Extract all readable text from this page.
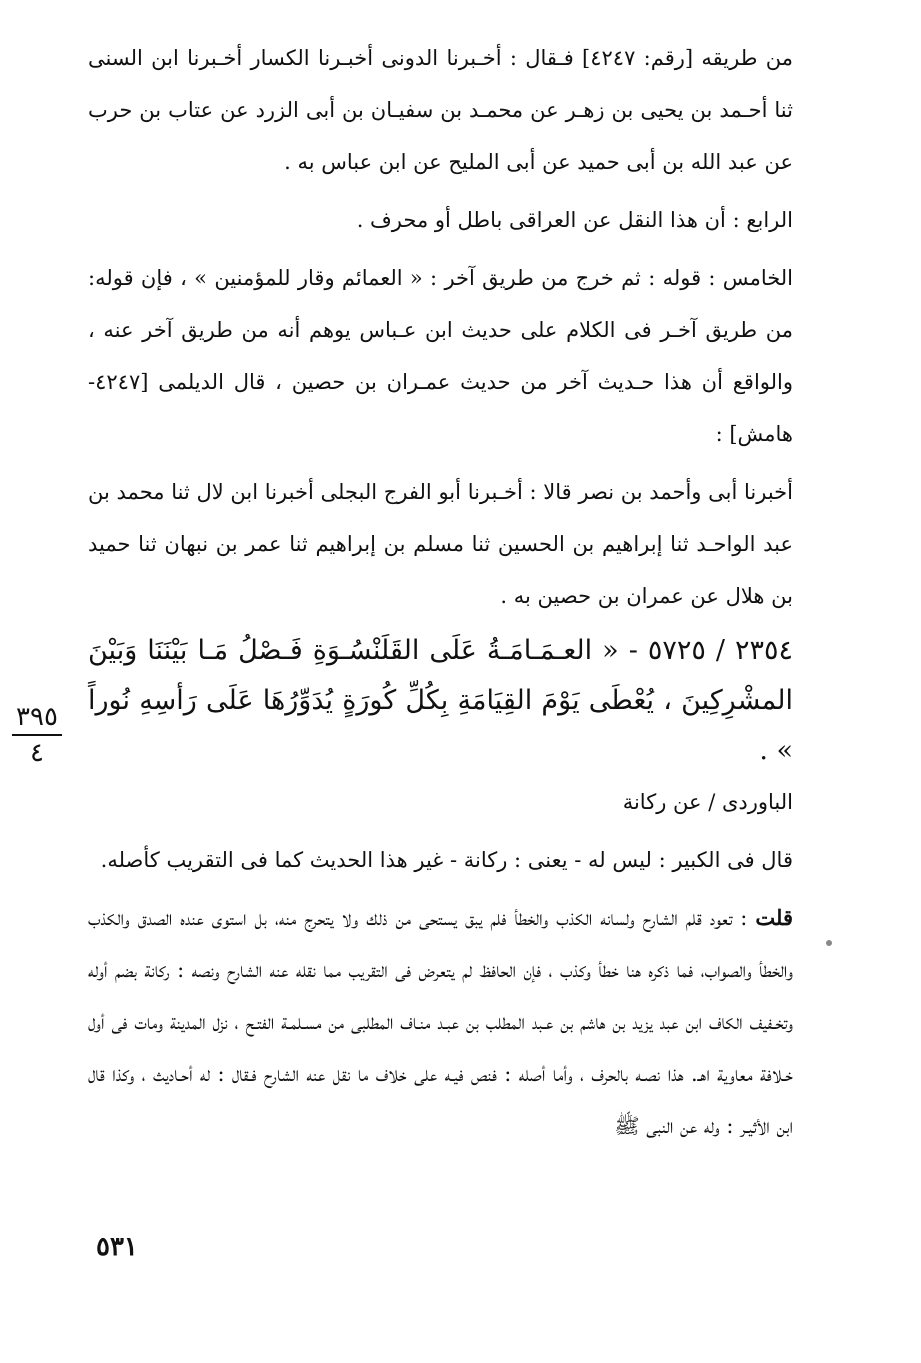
من طريقه [رقم: ٤٢٤٧] فـقال : أخـبرنا الدونى أخبـرنا الكسار أخـبرنا ابن السنى ثنا أحـمد بن يحيى بن زهـر عن محمـد بن سفيـان بن أبى الزرد عن عتاب بن حرب عن عبد الله بن أبى حميد عن أبى المليح عن ابن عباس به .

الرابع : أن هذا النقل عن العراقى باطل أو محرف .

الخامس : قوله : ثم خرج من طريق آخر : « العمائم وقار للمؤمنين » ، فإن قوله: من طريق آخـر فى الكلام على حديث ابن عـباس يوهم أنه من طريق آخر عنه ، والواقع أن هذا حـديث آخر من حديث عمـران بن حصين ، قال الديلمى [٤٢٤٧-هامش] :

أخبرنا أبى وأحمد بن نصر قالا : أخـبرنا أبو الفرج البجلى أخبرنا ابن لال ثنا محمد بن عبد الواحـد ثنا إبراهيم بن الحسين ثنا مسلم بن إبراهيم ثنا عمر بن نبهان ثنا حميد بن هلال عن عمران بن حصين به .

٢٣٥٤ / ٥٧٢٥ - « العـمَـامَـةُ عَلَى القَلَنْسُـوَةِ فَـصْلُ مَـا بَيْنَنَا وَبَيْنَ المشْرِكِينَ ، يُعْطَى يَوْمَ القِيَامَةِ بِكُلِّ كُورَةٍ يُدَوِّرُهَا عَلَى رَأسِهِ نُوراً » .

الباوردى / عن ركانة

قال فى الكبير : ليس له - يعنى : ركانة - غير هذا الحديث كما فى التقريب كأصله.

قلت : تعود قلم الشارح ولسانه الكذب والخطأ فلم يبق يستحى من ذلك ولا يتحرج منه، بل استوى عنده الصدق والكذب والخطأ والصواب، فما ذكره هنا خطأ وكذب ، فإن الحافظ لم يتعرض فى التقريب مما نقله عنه الشارح ونصه : ركانة بضم أوله وتخـفيف الكاف ابن عبد يزيد بن هاشم بن عـبد المطلب بن عبـد منـاف المطلبى من مسـلمـة الفتـح ، نزل المدينة ومات فى أول خـلافة معاوية اهـ. هذا نصـه بالحرف ، وأما أصله : فنص فيـه على خلاف ما نقل عنه الشارح فـقال : له أحـاديث ، وكذا قال ابن الأثيـر : وله عن النبى ﷺ

٣٩٥
٤
٥٣١
